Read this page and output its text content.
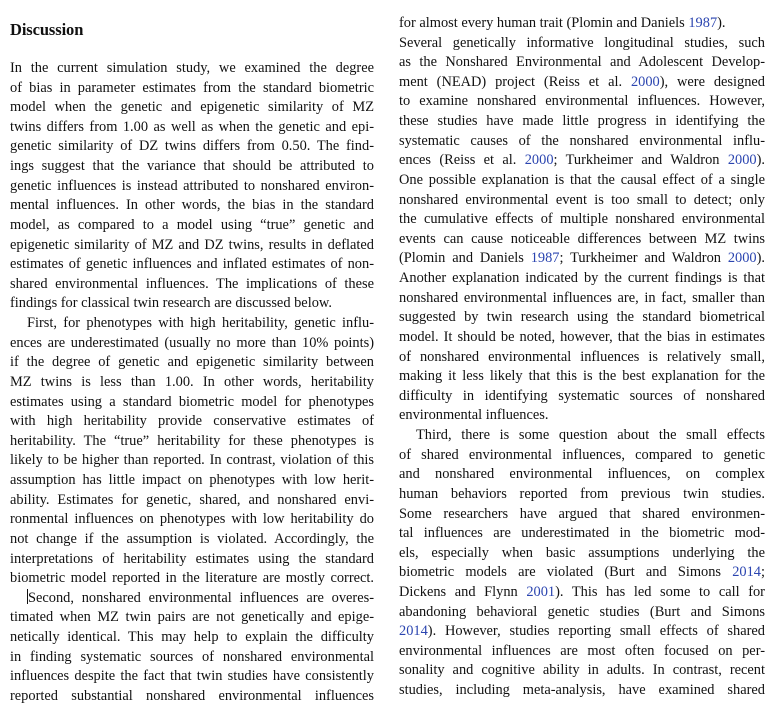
Discussion
In the current simulation study, we examined the degree
of bias in parameter estimates from the standard biometric
model when the genetic and epigenetic similarity of MZ
twins differs from 1.00 as well as when the genetic and epi-
genetic similarity of DZ twins differs from 0.50. The find-
ings suggest that the variance that should be attributed to
genetic influences is instead attributed to nonshared environ-
mental influences. In other words, the bias in the standard
model, as compared to a model using “true” genetic and
epigenetic similarity of MZ and DZ twins, results in deflated
estimates of genetic influences and inflated estimates of non-
shared environmental influences. The implications of these
findings for classical twin research are discussed below.
First, for phenotypes with high heritability, genetic influ-
ences are underestimated (usually no more than 10% points)
if the degree of genetic and epigenetic similarity between
MZ twins is less than 1.00. In other words, heritability
estimates using a standard biometric model for phenotypes
with high heritability provide conservative estimates of
heritability. The “true” heritability for these phenotypes is
likely to be higher than reported. In contrast, violation of this
assumption has little impact on phenotypes with low herit-
ability. Estimates for genetic, shared, and nonshared envi-
ronmental influences on phenotypes with low heritability do
not change if the assumption is violated. Accordingly, the
interpretations of heritability estimates using the standard
biometric model reported in the literature are mostly correct.
Second, nonshared environmental influences are overes-
timated when MZ twin pairs are not genetically and epige-
netically identical. This may help to explain the difficulty
in finding systematic sources of nonshared environmental
influences despite the fact that twin studies have consistently
reported substantial nonshared environmental influences
for almost every human trait (Plomin and Daniels 1987).
Several genetically informative longitudinal studies, such
as the Nonshared Environmental and Adolescent Develop-
ment (NEAD) project (Reiss et al. 2000), were designed
to examine nonshared environmental influences. However,
these studies have made little progress in identifying the
systematic causes of the nonshared environmental influ-
ences (Reiss et al. 2000; Turkheimer and Waldron 2000).
One possible explanation is that the causal effect of a single
nonshared environmental event is too small to detect; only
the cumulative effects of multiple nonshared environmental
events can cause noticeable differences between MZ twins
(Plomin and Daniels 1987; Turkheimer and Waldron 2000).
Another explanation indicated by the current findings is that
nonshared environmental influences are, in fact, smaller than
suggested by twin research using the standard biometrical
model. It should be noted, however, that the bias in estimates
of nonshared environmental influences is relatively small,
making it less likely that this is the best explanation for the
difficulty in identifying systematic sources of nonshared
environmental influences.
Third, there is some question about the small effects
of shared environmental influences, compared to genetic
and nonshared environmental influences, on complex
human behaviors reported from previous twin studies.
Some researchers have argued that shared environmen-
tal influences are underestimated in the biometric mod-
els, especially when basic assumptions underlying the
biometric models are violated (Burt and Simons 2014;
Dickens and Flynn 2001). This has led some to call for
abandoning behavioral genetic studies (Burt and Simons
2014). However, studies reporting small effects of shared
environmental influences are most often focused on per-
sonality and cognitive ability in adults. In contrast, recent
studies, including meta-analysis, have examined shared
